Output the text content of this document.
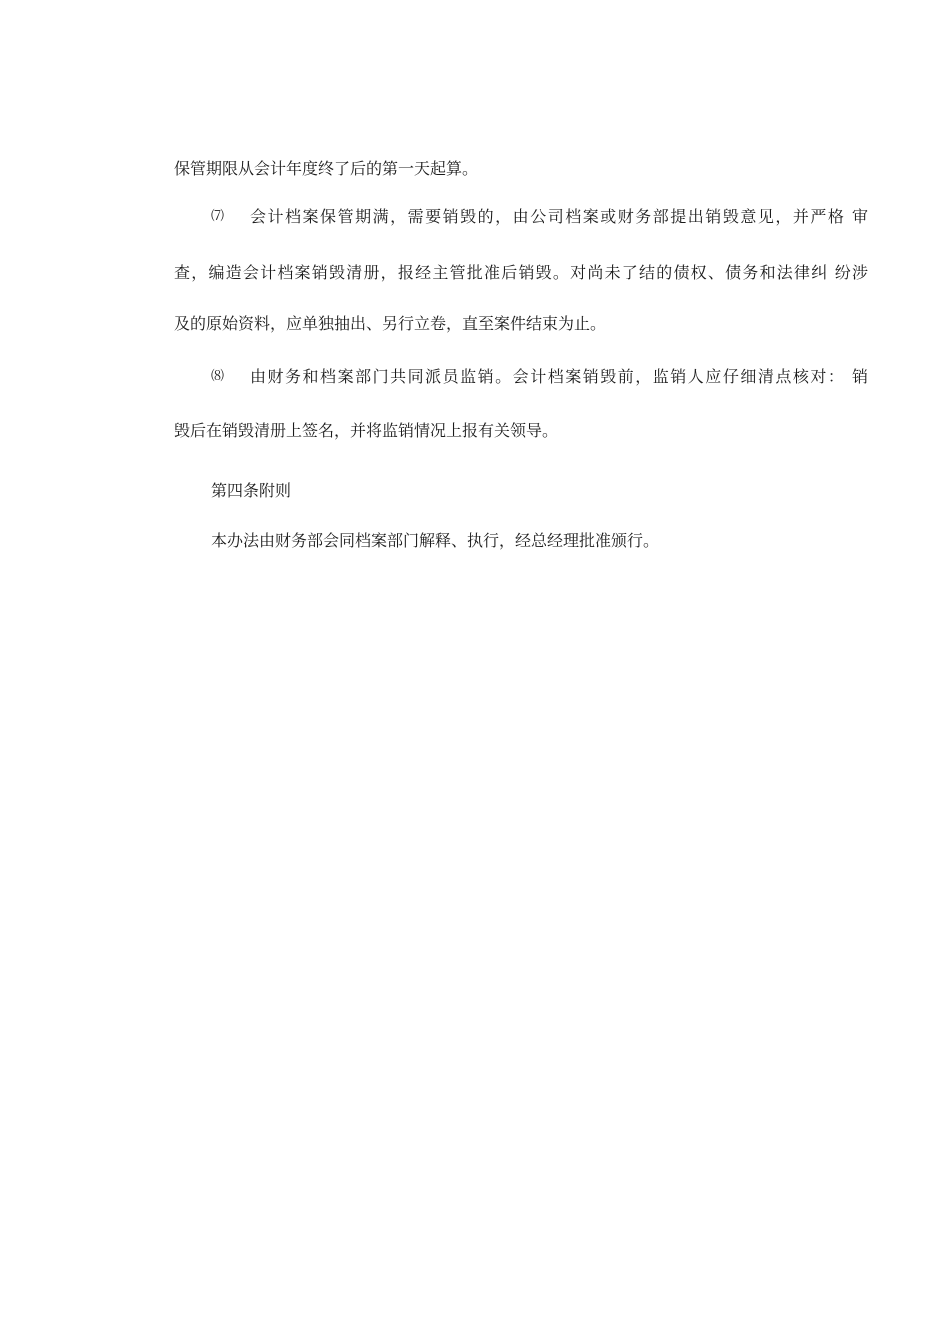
保管期限从会计年度终了后的第一天起算。
⑺ 会计档案保管期满，需要销毁的，由公司档案或财务部提出销毁意见，并严格 审
查，编造会计档案销毁清册，报经主管批准后销毁。对尚未了结的债权、债务和法律纠 纷涉
及的原始资料，应单独抽出、另行立卷，直至案件结束为止。
⑻ 由财务和档案部门共同派员监销。会计档案销毁前，监销人应仔细清点核对： 销
毁后在销毁清册上签名，并将监销情况上报有关领导。
第四条附则
本办法由财务部会同档案部门解释、执行，经总经理批准颁行。
